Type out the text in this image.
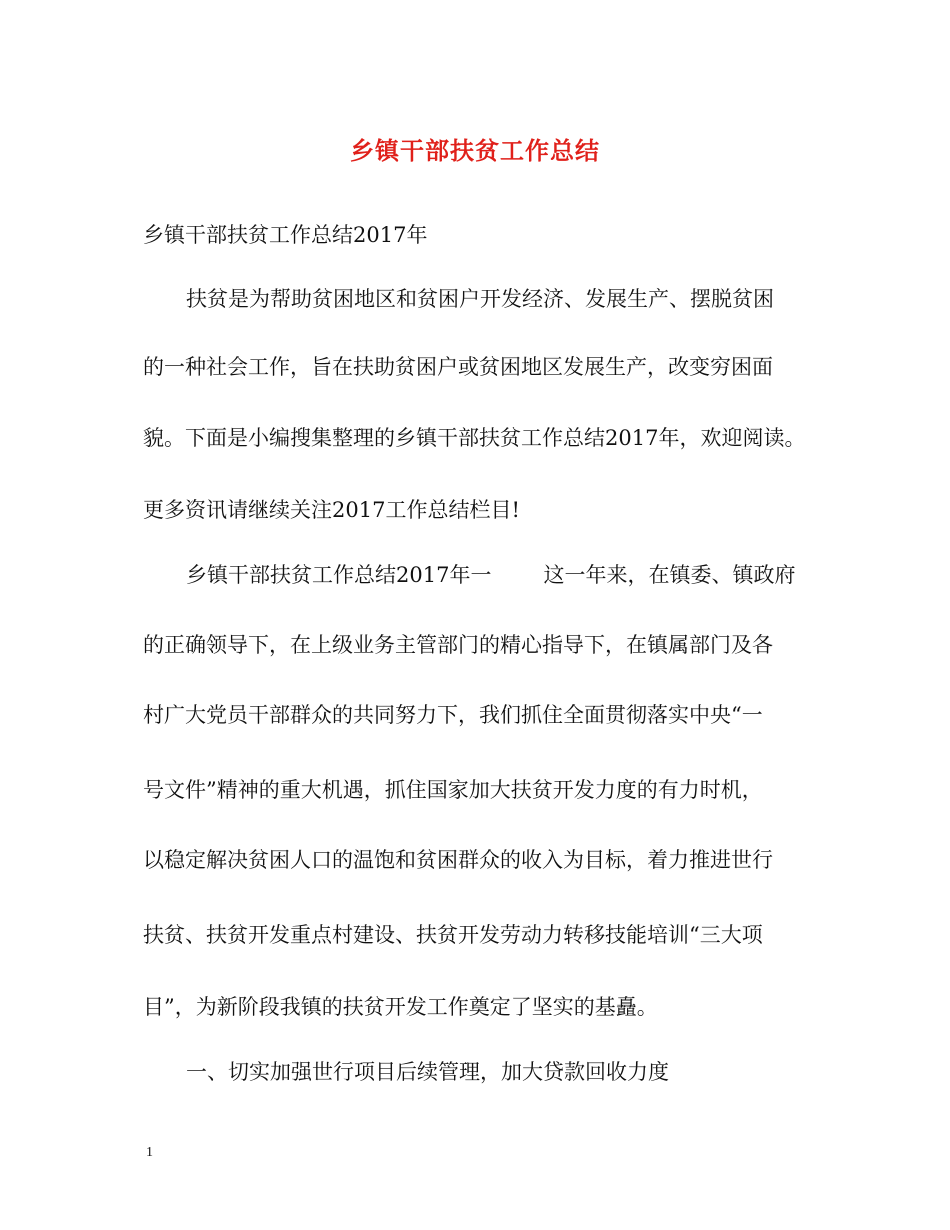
乡镇干部扶贫工作总结
乡镇干部扶贫工作总结2017年
扶贫是为帮助贫困地区和贫困户开发经济、发展生产、摆脱贫困
的一种社会工作，旨在扶助贫困户或贫困地区发展生产，改变穷困面
貌。下面是小编搜集整理的乡镇干部扶贫工作总结2017年，欢迎阅读。
更多资讯请继续关注2017工作总结栏目!
乡镇干部扶贫工作总结2017年一 这一年来，在镇委、镇政府
的正确领导下，在上级业务主管部门的精心指导下，在镇属部门及各
村广大党员干部群众的共同努力下，我们抓住全面贯彻落实中央“一
号文件”精神的重大机遇，抓住国家加大扶贫开发力度的有力时机，
以稳定解决贫困人口的温饱和贫困群众的收入为目标，着力推进世行
扶贫、扶贫开发重点村建设、扶贫开发劳动力转移技能培训“三大项
目”，为新阶段我镇的扶贫开发工作奠定了坚实的基矗。
一、切实加强世行项目后续管理，加大贷款回收力度
1
